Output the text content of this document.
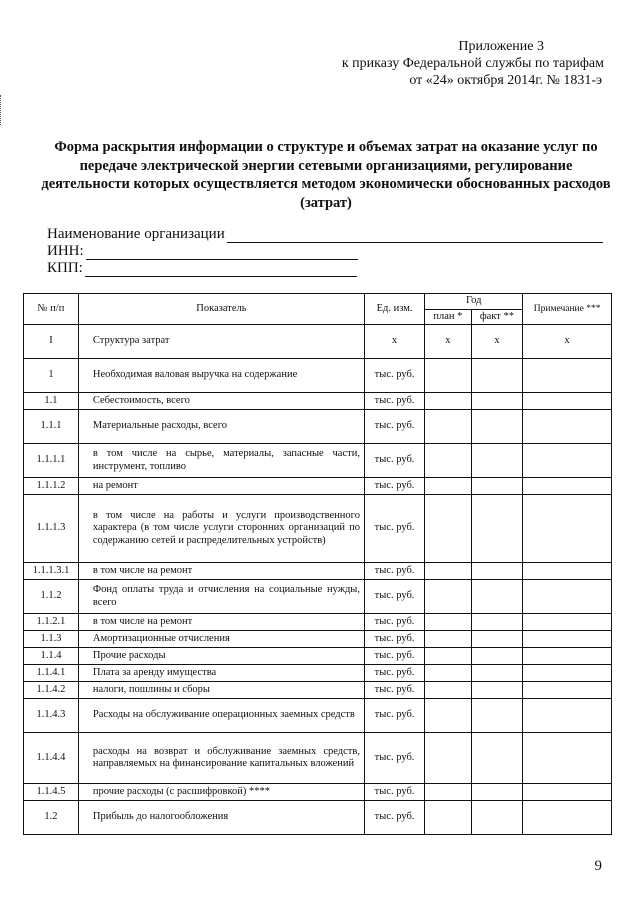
Приложение 3
к приказу Федеральной службы по тарифам
от «24» октября 2014г. № 1831-э
Форма раскрытия информации о структуре и объемах затрат на оказание услуг по передаче электрической энергии сетевыми организациями, регулирование деятельности которых осуществляется методом экономически обоснованных расходов (затрат)
Наименование организации
ИНН:
КПП:
№ п/п	Показатель	Ед. изм.	Год		Примечание ***
			план *	факт **	
I	Структура затрат	х	х	х	х
1	Необходимая валовая выручка на содержание	тыс. руб.			
1.1	Себестоимость, всего	тыс. руб.			
1.1.1	Материальные расходы, всего	тыс. руб.			
1.1.1.1	в том числе на сырье, материалы, запасные части, инструмент, топливо	тыс. руб.			
1.1.1.2	на ремонт	тыс. руб.			
1.1.1.3	в том числе на работы и услуги производственного характера (в том числе услуги сторонних организаций по содержанию сетей и распределительных устройств)	тыс. руб.			
1.1.1.3.1	в том числе на ремонт	тыс. руб.			
1.1.2	Фонд оплаты труда и отчисления на социальные нужды, всего	тыс. руб.			
1.1.2.1	в том числе на ремонт	тыс. руб.			
1.1.3	Амортизационные отчисления	тыс. руб.			
1.1.4	Прочие расходы	тыс. руб.			
1.1.4.1	Плата за аренду имущества	тыс. руб.			
1.1.4.2	налоги, пошлины и сборы	тыс. руб.			
1.1.4.3	Расходы на обслуживание операционных заемных средств	тыс. руб.			
1.1.4.4	расходы на возврат и обслуживание заемных средств, направляемых на финансирование капитальных вложений	тыс. руб.			
1.1.4.5	прочие расходы (с расшифровкой) ****	тыс. руб.			
1.2	Прибыль до налогообложения	тыс. руб.			
9
